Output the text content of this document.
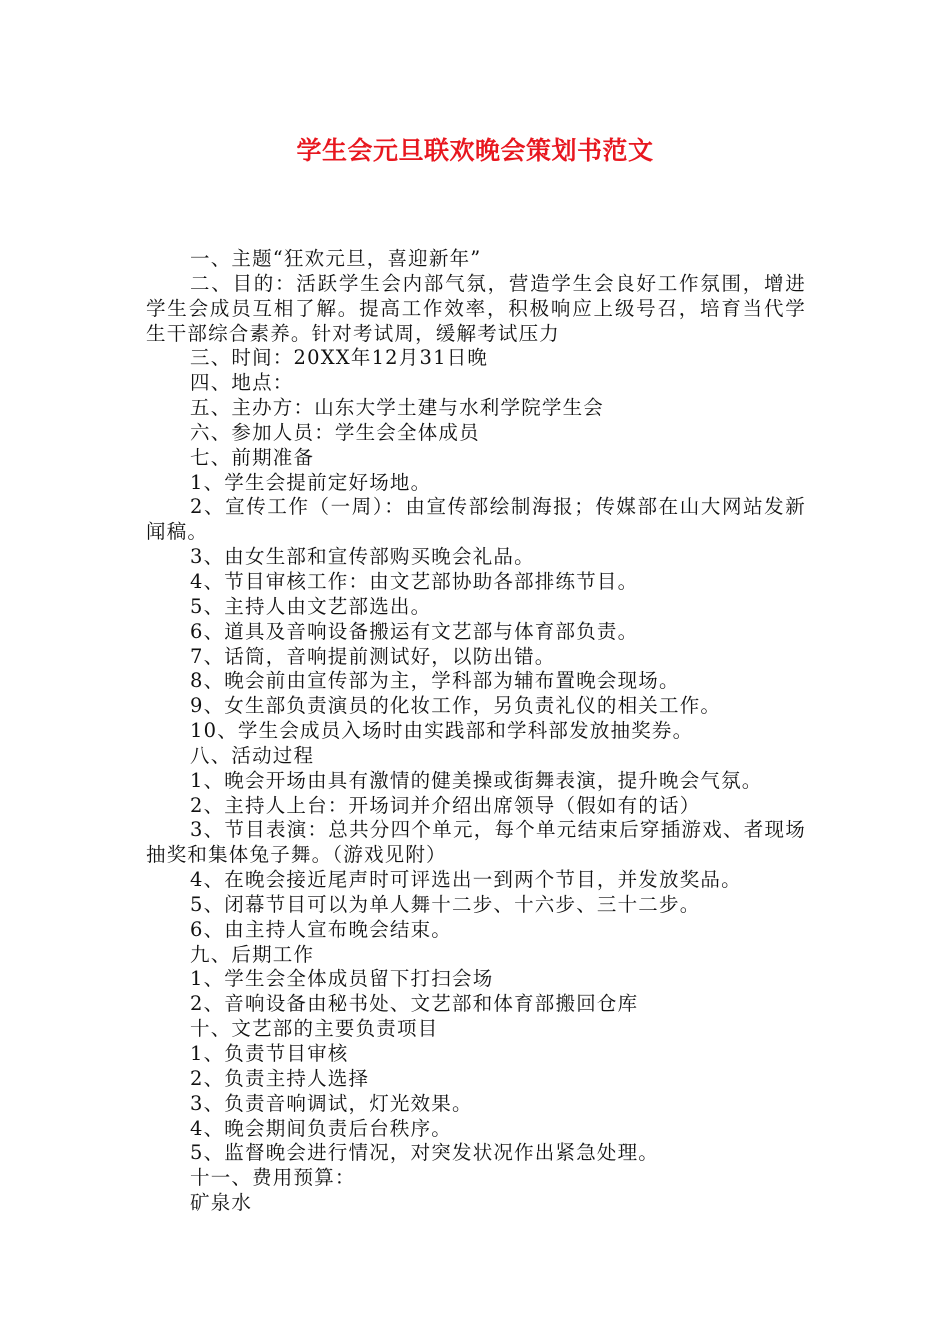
学生会元旦联欢晚会策划书范文

一、主题“狂欢元旦，喜迎新年”

二、目的：活跃学生会内部气氛，营造学生会良好工作氛围，增进学生会成员互相了解。提高工作效率，积极响应上级号召，培育当代学生干部综合素养。针对考试周，缓解考试压力

三、时间：20XX年12月31日晚

四、地点：

五、主办方：山东大学土建与水利学院学生会

六、参加人员：学生会全体成员

七、前期准备

1、学生会提前定好场地。

2、宣传工作（一周）：由宣传部绘制海报；传媒部在山大网站发新闻稿。

3、由女生部和宣传部购买晚会礼品。

4、节目审核工作：由文艺部协助各部排练节目。

5、主持人由文艺部选出。

6、道具及音响设备搬运有文艺部与体育部负责。

7、话筒，音响提前测试好，以防出错。

8、晚会前由宣传部为主，学科部为辅布置晚会现场。

9、女生部负责演员的化妆工作，另负责礼仪的相关工作。

10、学生会成员入场时由实践部和学科部发放抽奖券。

八、活动过程

1、晚会开场由具有激情的健美操或街舞表演，提升晚会气氛。

2、主持人上台：开场词并介绍出席领导（假如有的话）

3、节目表演：总共分四个单元，每个单元结束后穿插游戏、者现场抽奖和集体兔子舞。（游戏见附）

4、在晚会接近尾声时可评选出一到两个节目，并发放奖品。

5、闭幕节目可以为单人舞十二步、十六步、三十二步。

6、由主持人宣布晚会结束。

九、后期工作

1、学生会全体成员留下打扫会场

2、音响设备由秘书处、文艺部和体育部搬回仓库

十、文艺部的主要负责项目

1、负责节目审核

2、负责主持人选择

3、负责音响调试，灯光效果。

4、晚会期间负责后台秩序。

5、监督晚会进行情况，对突发状况作出紧急处理。

十一、费用预算：

矿泉水
